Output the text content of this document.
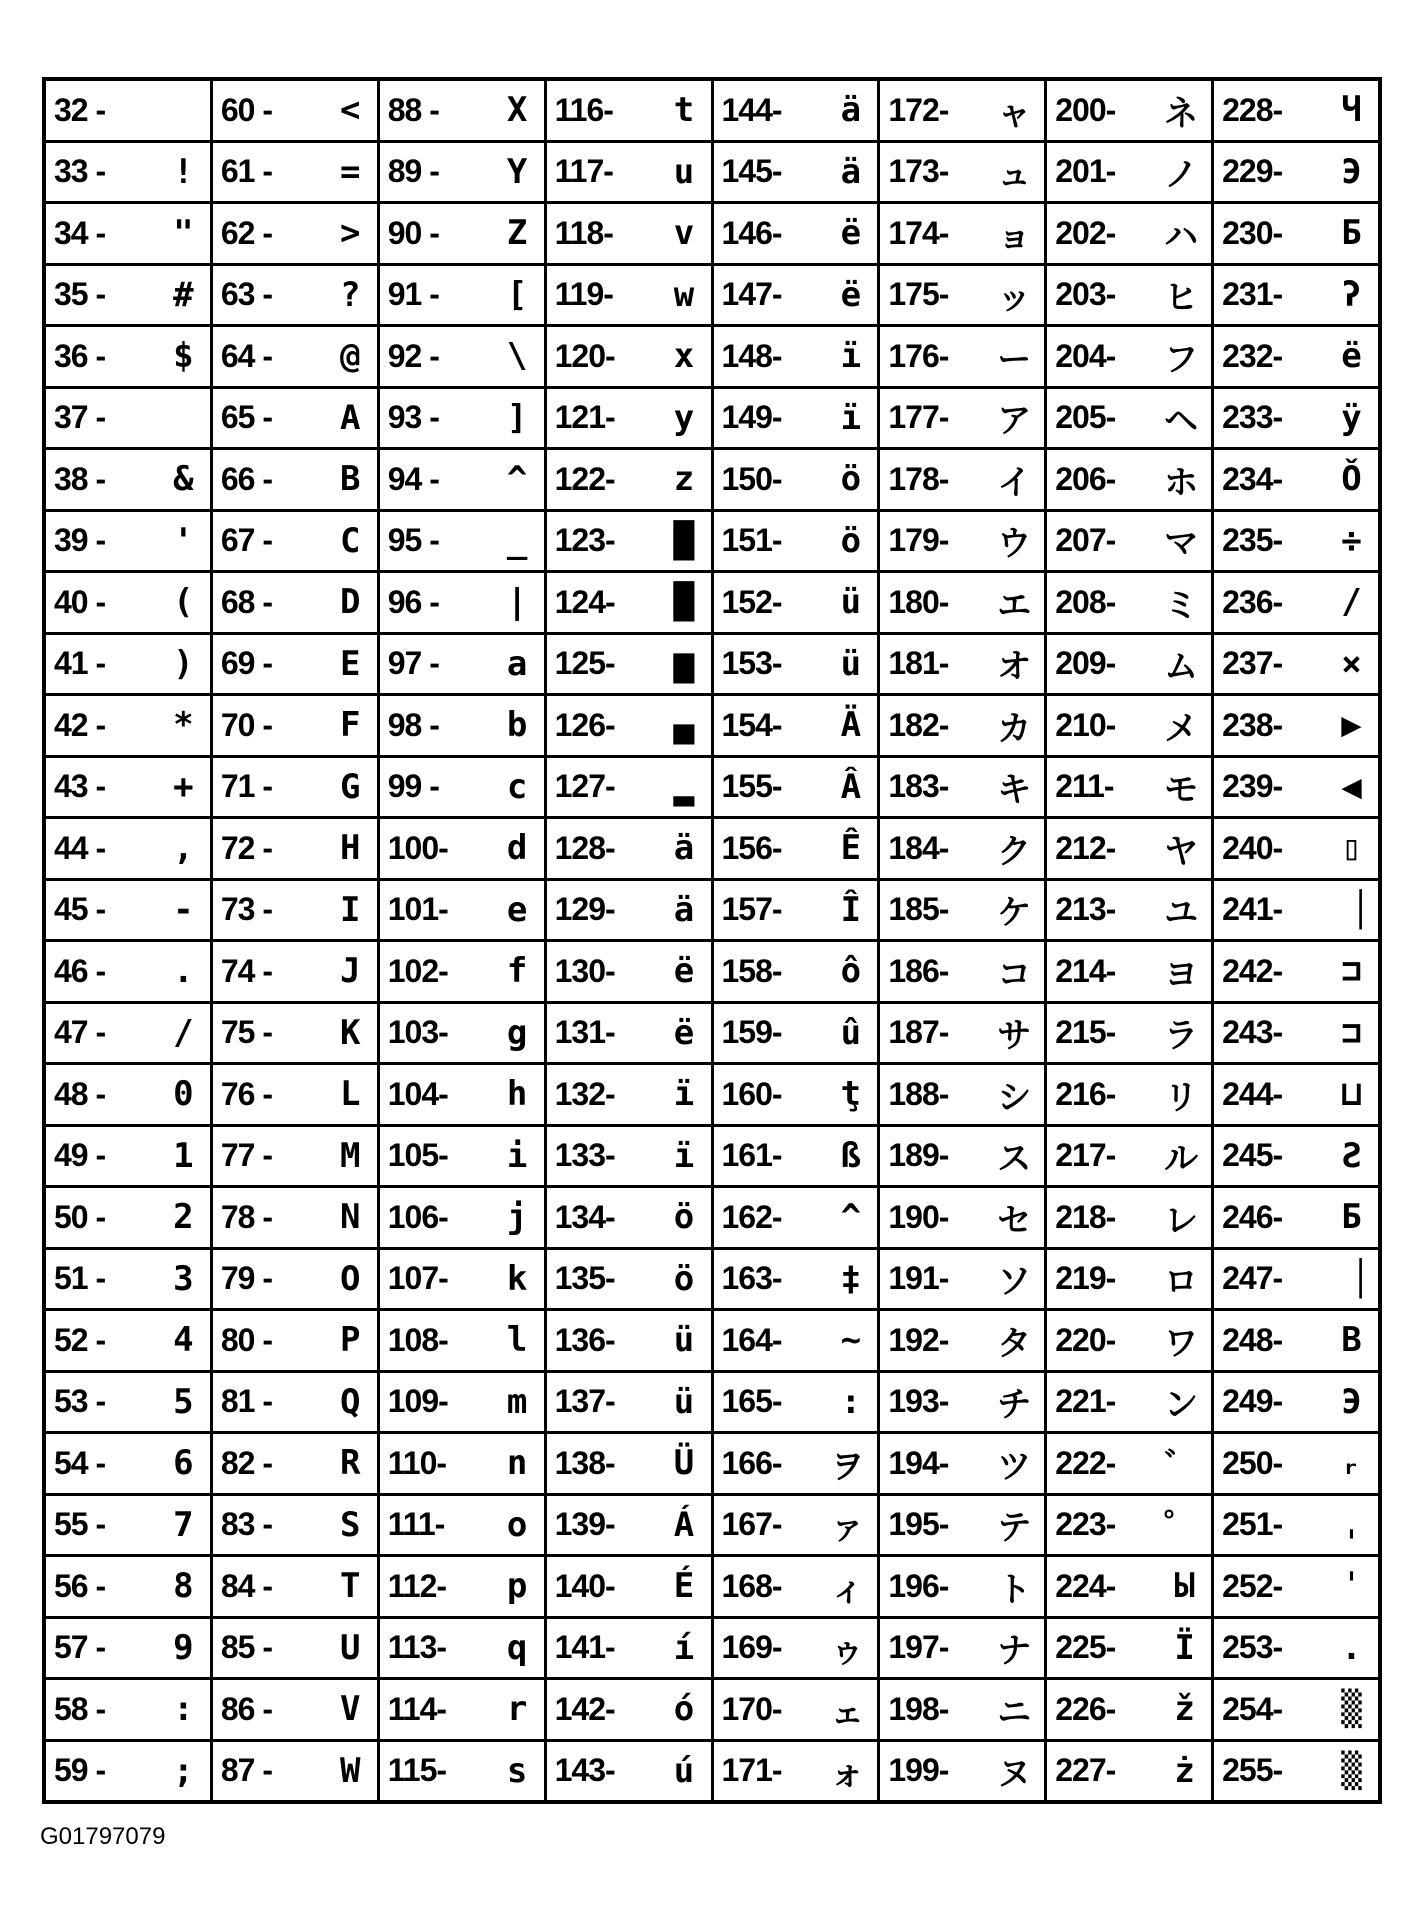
32 -
33 - !
34 - "
35 - #
36 - $
37 -
38 - &
39 - '
40 - (
41 - )
42 - *
43 - +
44 - ,
45 - -
46 - .
47 - /
48 - 0
49 - 1
50 - 2
51 - 3
52 - 4
53 - 5
54 - 6
55 - 7
56 - 8
57 - 9
58 - :
59 - ;
60 - <
61 - =
62 - >
63 - ?
64 - @
65 - A
66 - B
67 - C
68 - D
69 - E
70 - F
71 - G
72 - H
73 - I
74 - J
75 - K
76 - L
77 - M
78 - N
79 - O
80 - P
81 - Q
82 - R
83 - S
84 - T
85 - U
86 - V
87 - W
88 - X
89 - Y
90 - Z
91 - [
92 - \
93 - ]
94 - ^
95 - _
96 - |
97 - a
98 - b
99 - c
100- d
101- e
102- f
103- g
104- h
105- i
106- j
107- k
108- l
109- m
110- n
111- o
112- p
113- q
114- r
115- s
116- t
117- u
118- v
119- w
120- x
121- y
122- z
123- █
124- █
125- ▆
126- ▄
127- ▂
128- ä
129- ä
130- ë
131- ë
132- ï
133- ï
134- ö
135- ö
136- ü
137- ü
138- Ü
139- Á
140- É
141- í
142- ó
143- ú
144- ä
145- ä
146- ë
147- ë
148- ï
149- ï
150- ö
151- ö
152- ü
153- ü
154- Ä
155- Â
156- Ê
157- Î
158- ô
159- û
160- ţ
161- ß
162- ^
163- ‡
164- ~
165- :
166- ヲ
167- ァ
168- ィ
169- ゥ
170- ェ
171- ォ
172- ャ
173- ュ
174- ョ
175- ッ
176- ー
177- ア
178- イ
179- ウ
180- エ
181- オ
182- カ
183- キ
184- ク
185- ケ
186- コ
187- サ
188- シ
189- ス
190- セ
191- ソ
192- タ
193- チ
194- ツ
195- テ
196- ト
197- ナ
198- ニ
199- ヌ
200- ネ
201- ノ
202- ハ
203- ヒ
204- フ
205- ヘ
206- ホ
207- マ
208- ミ
209- ム
210- メ
211- モ
212- ヤ
213- ユ
214- ヨ
215- ラ
216- リ
217- ル
218- レ
219- ロ
220- ワ
221- ン
222- ゛
223- ゜
224- Ы
225- Ï
226- ž
227- ż
228- Ч
229- Э
230- Б
231- ʔ
232- ë
233- ÿ
234- Ǒ
235- ÷
236- /
237- ×
238- ▶
239- ◀
240- ▯
241- ▕
242- ⊐
243- ⊐
244- ⊔
245- Ƨ
246- Б
247- ▕
248- В
249- Э
250- ᵣ
251- ˌ
252- ˈ
253- .
254- ▒
255- ▒
G01797079
